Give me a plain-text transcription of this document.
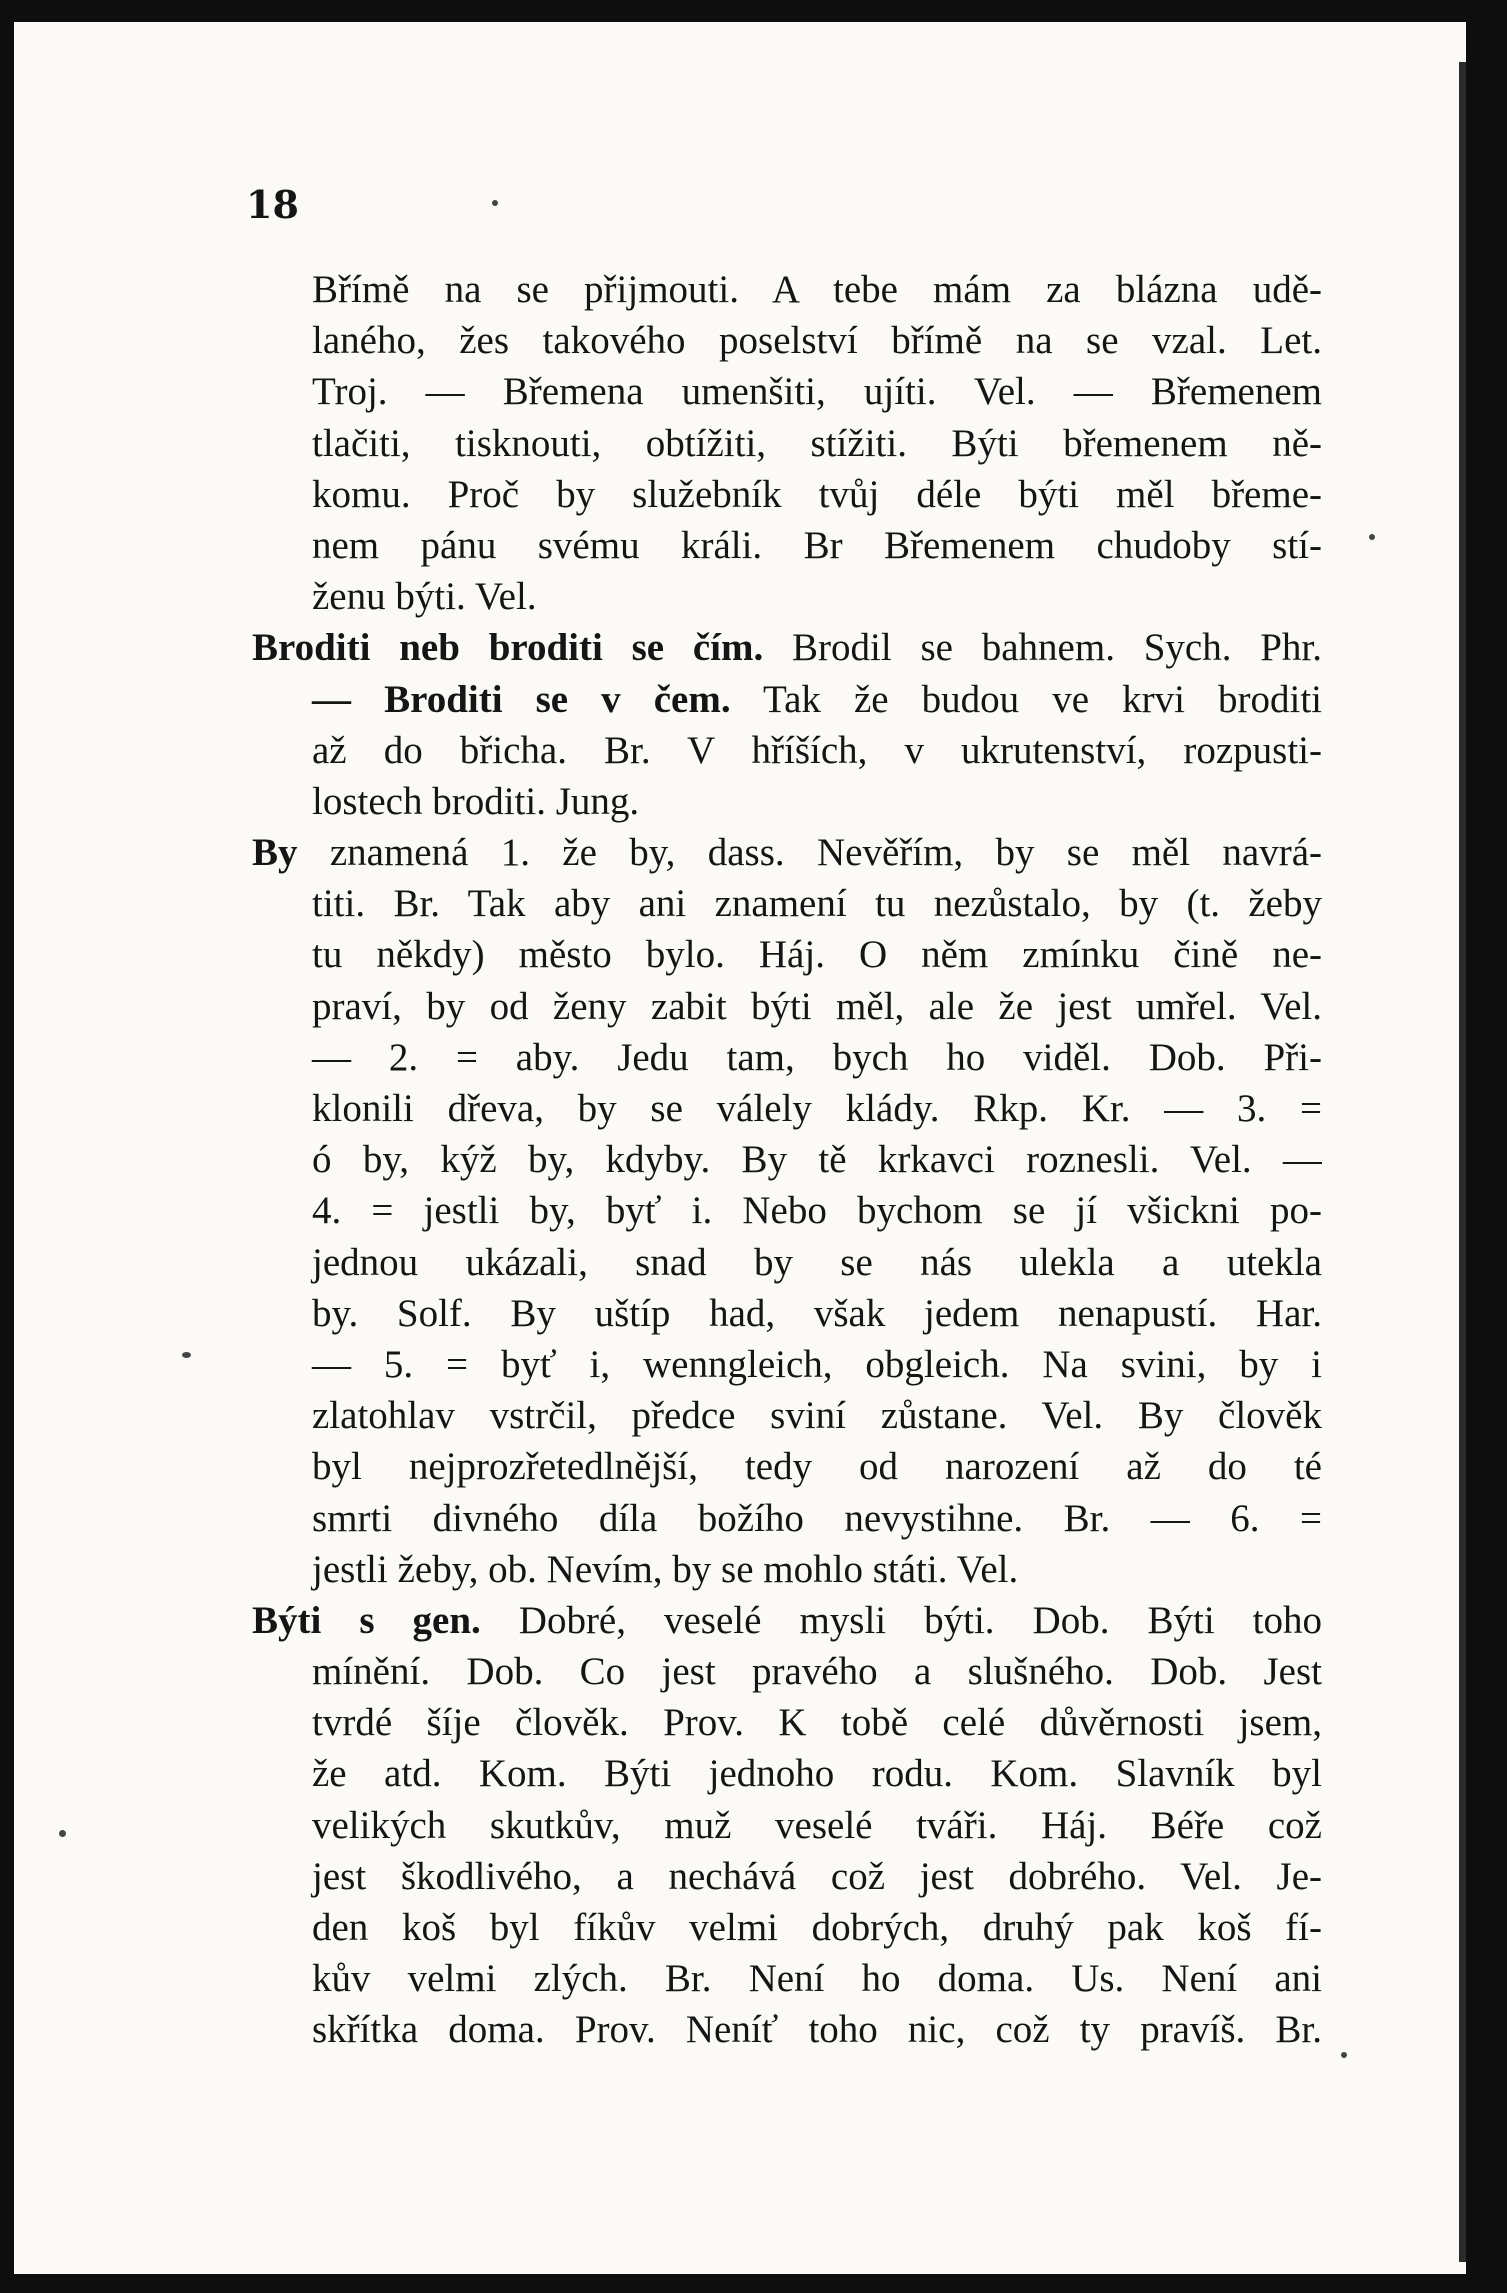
18

Břímě na se přijmouti. A tebe mám za blázna udě-
laného, žes takového poselství břímě na se vzal. Let.
Troj. — Břemena umenšiti, ujíti. Vel. — Břemenem
tlačiti, tisknouti, obtížiti, stížiti. Býti břemenem ně-
komu. Proč by služebník tvůj déle býti měl břeme-
nem pánu svému králi. Br Břemenem chudoby stí-
ženu býti. Vel.
Broditi neb broditi se čím. Brodil se bahnem. Sych. Phr.
— Broditi se v čem. Tak že budou ve krvi broditi
až do břicha. Br. V hříších, v ukrutenství, rozpusti-
lostech broditi. Jung.
By znamená 1. že by, dass. Nevěřím, by se měl navrá-
titi. Br. Tak aby ani znamení tu nezůstalo, by (t. žeby
tu někdy) město bylo. Háj. O něm zmínku čině ne-
praví, by od ženy zabit býti měl, ale že jest umřel. Vel.
— 2. = aby. Jedu tam, bych ho viděl. Dob. Při-
klonili dřeva, by se válely klády. Rkp. Kr. — 3. =
ó by, kýž by, kdyby. By tě krkavci roznesli. Vel. —
4. = jestli by, byť i. Nebo bychom se jí všickni po-
jednou ukázali, snad by se nás ulekla a utekla
by. Solf. By uštíp had, však jedem nenapustí. Har.
— 5. = byť i, wenngleich, obgleich. Na svini, by i
zlatohlav vstrčil, předce sviní zůstane. Vel. By člověk
byl nejprozřetedlnější, tedy od narození až do té
smrti divného díla božího nevystihne. Br. — 6. =
jestli žeby, ob. Nevím, by se mohlo státi. Vel.
Býti s gen. Dobré, veselé mysli býti. Dob. Býti toho
mínění. Dob. Co jest pravého a slušného. Dob. Jest
tvrdé šíje člověk. Prov. K tobě celé důvěrnosti jsem,
že atd. Kom. Býti jednoho rodu. Kom. Slavník byl
velikých skutkův, muž veselé tváři. Háj. Béře což
jest škodlivého, a nechává což jest dobrého. Vel. Je-
den koš byl fíkův velmi dobrých, druhý pak koš fí-
kův velmi zlých. Br. Není ho doma. Us. Není ani
skřítka doma. Prov. Neníť toho nic, což ty pravíš. Br.
